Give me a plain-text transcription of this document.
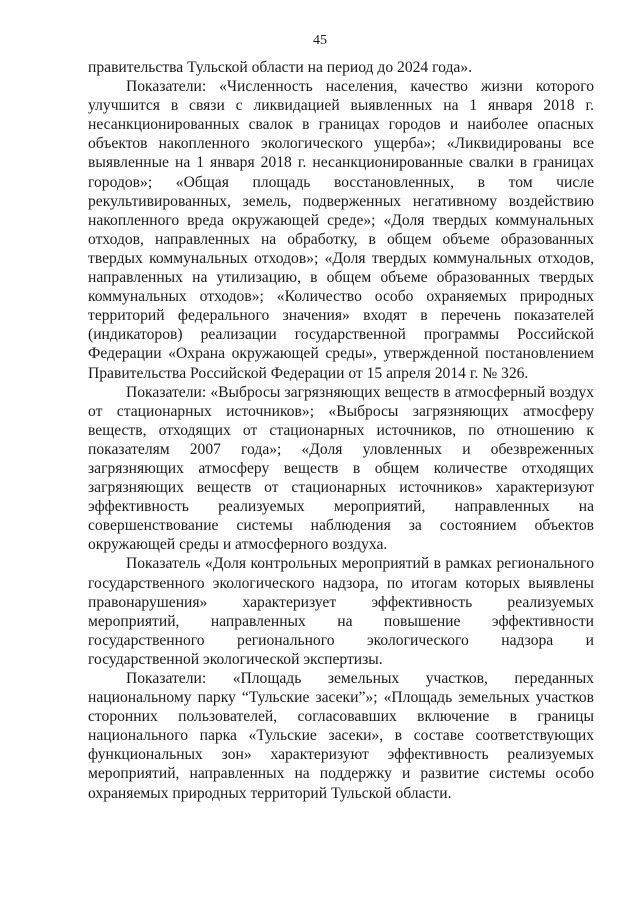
45

правительства Тульской области на период до 2024 года».

Показатели: «Численность населения, качество жизни которого улучшится в связи с ликвидацией выявленных на 1 января 2018 г. несанкционированных свалок в границах городов и наиболее опасных объектов накопленного экологического ущерба»; «Ликвидированы все выявленные на 1 января 2018 г. несанкционированные свалки в границах городов»; «Общая площадь восстановленных, в том числе рекультивированных, земель, подверженных негативному воздействию накопленного вреда окружающей среде»; «Доля твердых коммунальных отходов, направленных на обработку, в общем объеме образованных твердых коммунальных отходов»; «Доля твердых коммунальных отходов, направленных на утилизацию, в общем объеме образованных твердых коммунальных отходов»; «Количество особо охраняемых природных территорий федерального значения» входят в перечень показателей (индикаторов) реализации государственной программы Российской Федерации «Охрана окружающей среды», утвержденной постановлением Правительства Российской Федерации от 15 апреля 2014 г. № 326.

Показатели: «Выбросы загрязняющих веществ в атмосферный воздух от стационарных источников»; «Выбросы загрязняющих атмосферу веществ, отходящих от стационарных источников, по отношению к показателям 2007 года»; «Доля уловленных и обезвреженных загрязняющих атмосферу веществ в общем количестве отходящих загрязняющих веществ от стационарных источников» характеризуют эффективность реализуемых мероприятий, направленных на совершенствование системы наблюдения за состоянием объектов окружающей среды и атмосферного воздуха.

Показатель «Доля контрольных мероприятий в рамках регионального государственного экологического надзора, по итогам которых выявлены правонарушения» характеризует эффективность реализуемых мероприятий, направленных на повышение эффективности государственного регионального экологического надзора и государственной экологической экспертизы.

Показатели: «Площадь земельных участков, переданных национальному парку “Тульские засеки”»; «Площадь земельных участков сторонних пользователей, согласовавших включение в границы национального парка «Тульские засеки», в составе соответствующих функциональных зон» характеризуют эффективность реализуемых мероприятий, направленных на поддержку и развитие системы особо охраняемых природных территорий Тульской области.
